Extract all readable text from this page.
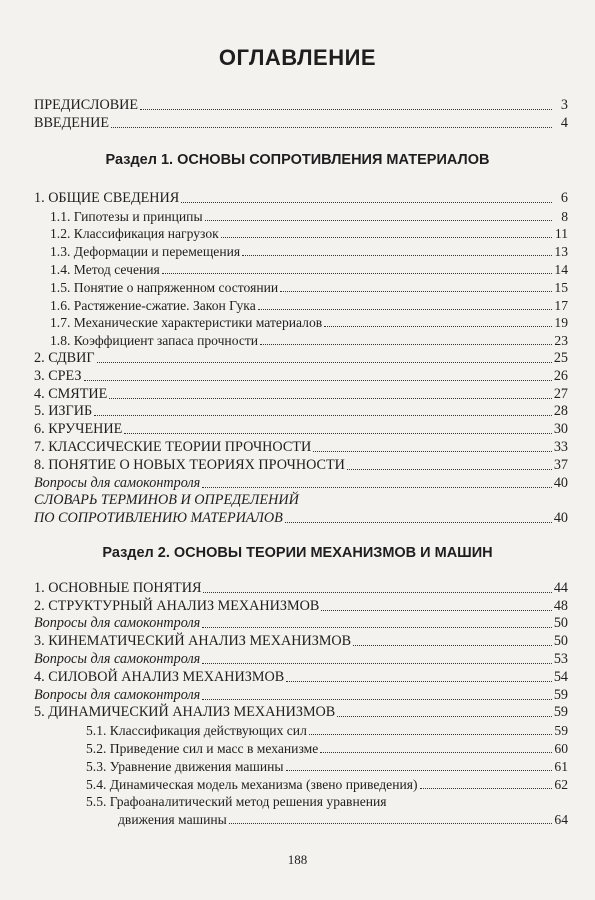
ОГЛАВЛЕНИЕ
ПРЕДИСЛОВИЕ	3
ВВЕДЕНИЕ	4
Раздел 1. ОСНОВЫ СОПРОТИВЛЕНИЯ МАТЕРИАЛОВ
1. ОБЩИЕ СВЕДЕНИЯ	6
1.1. Гипотезы и принципы	8
1.2. Классификация нагрузок	11
1.3. Деформации и перемещения	13
1.4. Метод сечения	14
1.5. Понятие о напряженном состоянии	15
1.6. Растяжение-сжатие. Закон Гука	17
1.7. Механические характеристики материалов	19
1.8. Коэффициент запаса прочности	23
2. СДВИГ	25
3. СРЕЗ	26
4. СМЯТИЕ	27
5. ИЗГИБ	28
6. КРУЧЕНИЕ	30
7. КЛАССИЧЕСКИЕ ТЕОРИИ ПРОЧНОСТИ	33
8. ПОНЯТИЕ О НОВЫХ ТЕОРИЯХ ПРОЧНОСТИ	37
Вопросы для самоконтроля	40
СЛОВАРЬ ТЕРМИНОВ И ОПРЕДЕЛЕНИЙ
ПО СОПРОТИВЛЕНИЮ МАТЕРИАЛОВ	40
Раздел 2. ОСНОВЫ ТЕОРИИ МЕХАНИЗМОВ И МАШИН
1. ОСНОВНЫЕ ПОНЯТИЯ	44
2. СТРУКТУРНЫЙ АНАЛИЗ МЕХАНИЗМОВ	48
Вопросы для самоконтроля	50
3. КИНЕМАТИЧЕСКИЙ АНАЛИЗ МЕХАНИЗМОВ	50
Вопросы для самоконтроля	53
4. СИЛОВОЙ АНАЛИЗ МЕХАНИЗМОВ	54
Вопросы для самоконтроля	59
5. ДИНАМИЧЕСКИЙ АНАЛИЗ МЕХАНИЗМОВ	59
5.1. Классификация действующих сил	59
5.2. Приведение сил и масс в механизме	60
5.3. Уравнение движения машины	61
5.4. Динамическая модель механизма (звено приведения)	62
5.5. Графоаналитический метод решения уравнения
движения машины	64
188
